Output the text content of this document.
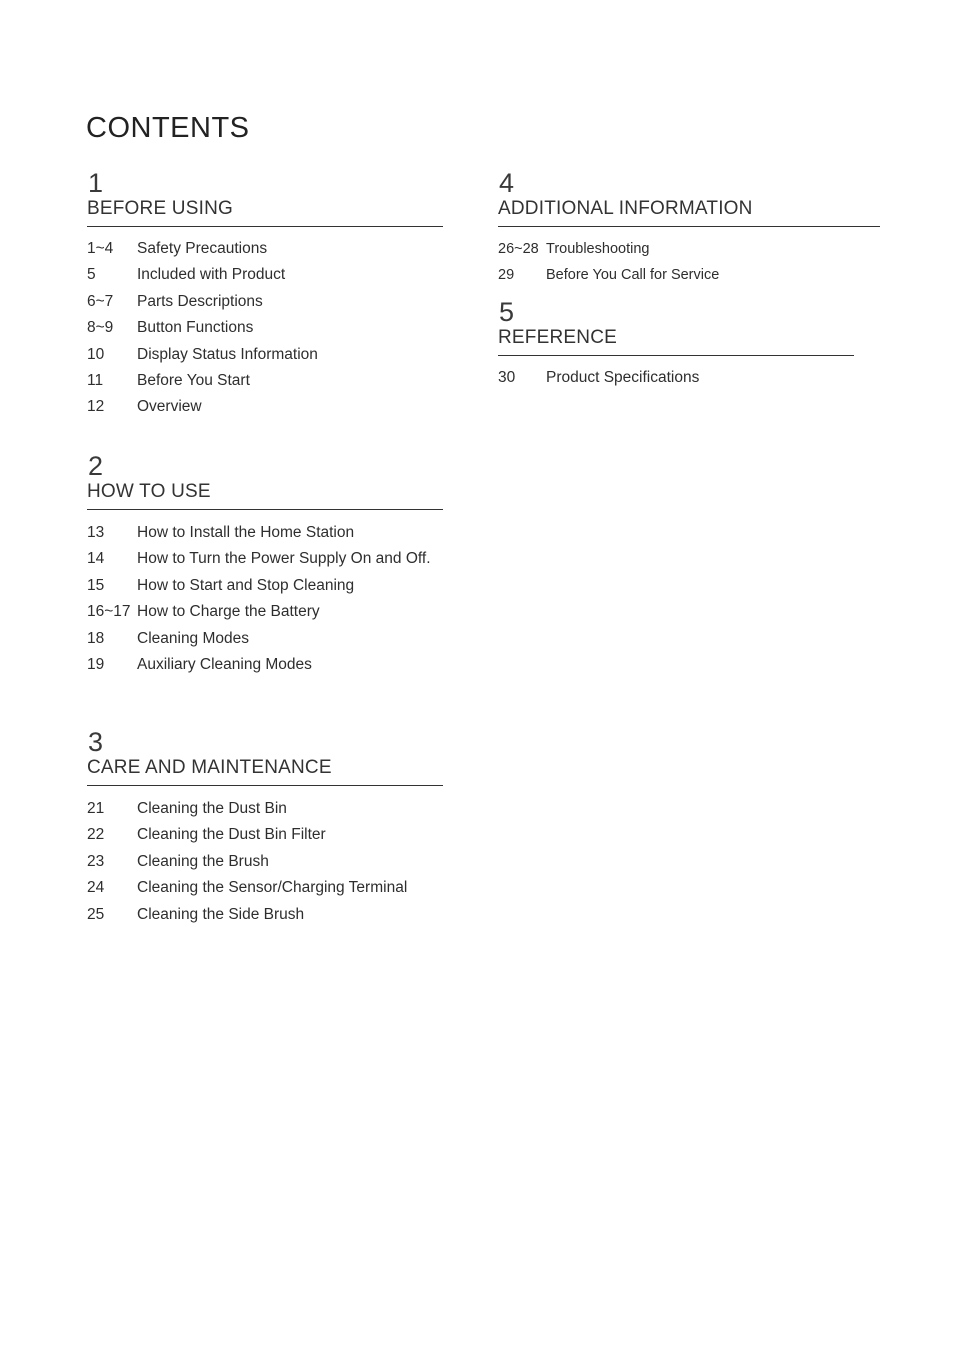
CONTENTS
1
BEFORE USING
1~4	Safety Precautions
5	Included with Product
6~7	Parts Descriptions
8~9	Button Functions
10	Display Status Information
11	Before You Start
12	Overview
2
HOW TO USE
13	How to Install the Home Station
14	How to Turn the Power Supply On and Off.
15	How to Start and Stop Cleaning
16~17 How to Charge the Battery
18	Cleaning Modes
19	Auxiliary Cleaning Modes
3
CARE AND MAINTENANCE
21	Cleaning the Dust Bin
22	Cleaning the Dust Bin Filter
23	Cleaning the Brush
24	Cleaning the Sensor/Charging Terminal
25	Cleaning the Side Brush
4
ADDITIONAL INFORMATION
26~28 Troubleshooting
29	Before You Call for Service
5
REFERENCE
30	Product Specifications
